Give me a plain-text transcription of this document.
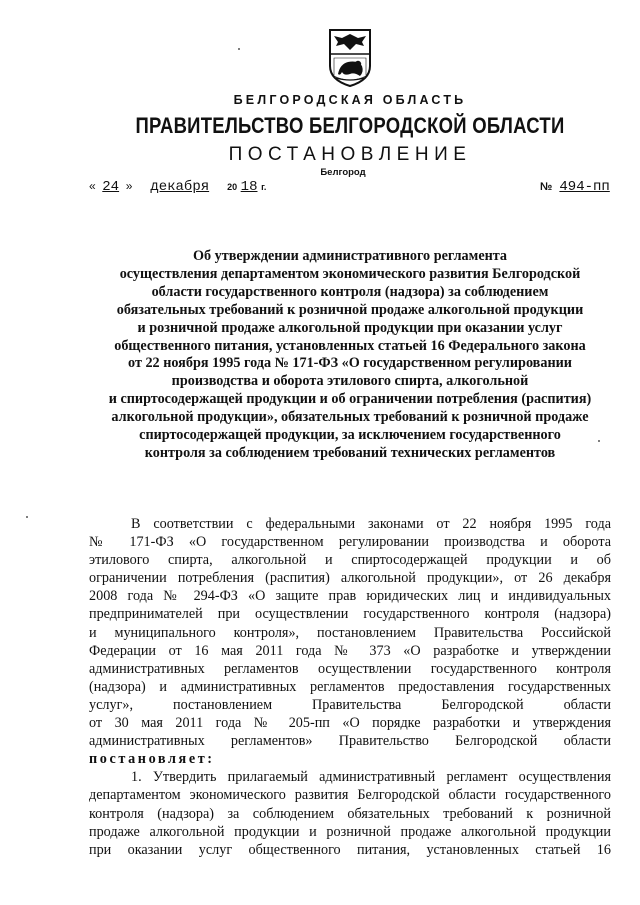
БЕЛГОРОДСКАЯ ОБЛАСТЬ
ПРАВИТЕЛЬСТВО БЕЛГОРОДСКОЙ ОБЛАСТИ
ПОСТАНОВЛЕНИЕ
Белгород
« 24 » декабря 20 18 г.	№ 494-пп
Об утверждении административного регламента
осуществления департаментом экономического развития Белгородской
области государственного контроля (надзора) за соблюдением
обязательных требований к розничной продаже алкогольной продукции
и розничной продаже алкогольной продукции при оказании услуг
общественного питания, установленных статьей 16 Федерального закона
от 22 ноября 1995 года № 171-ФЗ «О государственном регулировании
производства и оборота этилового спирта, алкогольной
и спиртосодержащей продукции и об ограничении потребления (распития)
алкогольной продукции», обязательных требований к розничной продаже
спиртосодержащей продукции, за исключением государственного
контроля за соблюдением требований технических регламентов

В соответствии с федеральными законами от 22 ноября 1995 года

№ 171-ФЗ «О государственном регулировании производства и оборота

этилового спирта, алкогольной и спиртосодержащей продукции и об

ограничении потребления (распития) алкогольной продукции», от 26 декабря

2008 года № 294-ФЗ «О защите прав юридических лиц и индивидуальных

предпринимателей при осуществлении государственного контроля (надзора)

и муниципального контроля», постановлением Правительства Российской

Федерации от 16 мая 2011 года № 373 «О разработке и утверждении

административных регламентов осуществлении государственного контроля

(надзора) и административных регламентов предоставления государственных

услуг», постановлением Правительства Белгородской области

от 30 мая 2011 года № 205-пп «О порядке разработки и утверждения

административных регламентов» Правительство Белгородской области

постановляет:

1. Утвердить прилагаемый административный регламент осуществления

департаментом экономического развития Белгородской области государственного

контроля (надзора) за соблюдением обязательных требований к розничной

продаже алкогольной продукции и розничной продаже алкогольной продукции

при оказании услуг общественного питания, установленных статьей 16
